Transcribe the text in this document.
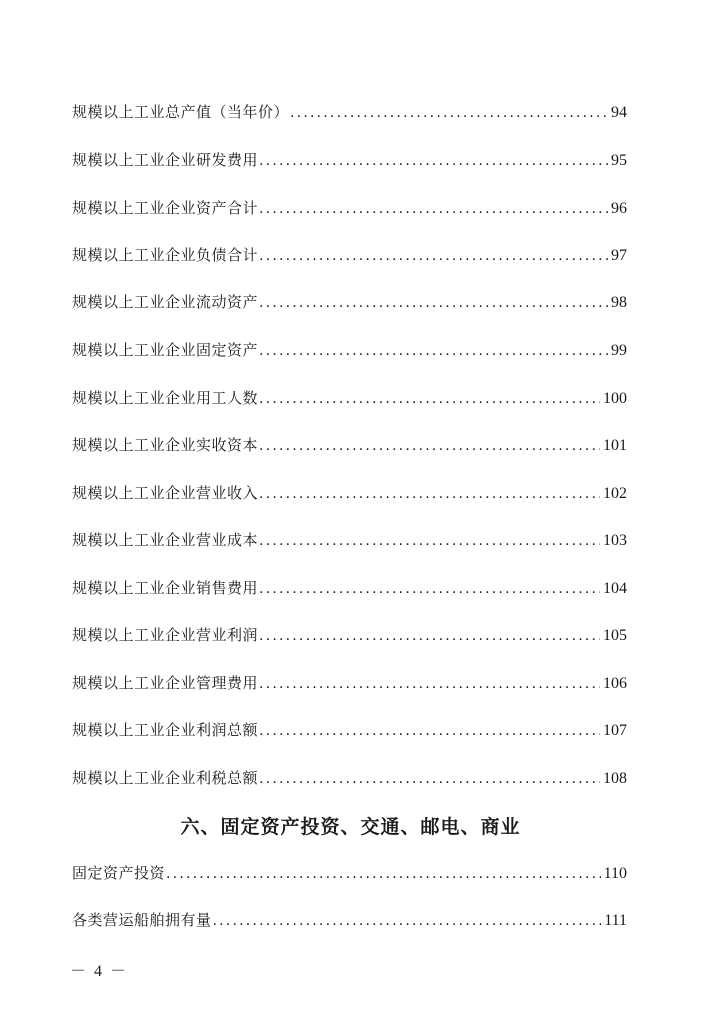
规模以上工业总产值（当年价） .....	94
规模以上工业企业研发费用 .....	95
规模以上工业企业资产合计 .....	96
规模以上工业企业负债合计 .....	97
规模以上工业企业流动资产 .....	98
规模以上工业企业固定资产 .....	99
规模以上工业企业用工人数 .....	100
规模以上工业企业实收资本 .....	101
规模以上工业企业营业收入 .....	102
规模以上工业企业营业成本 .....	103
规模以上工业企业销售费用 .....	104
规模以上工业企业营业利润 .....	105
规模以上工业企业管理费用 .....	106
规模以上工业企业利润总额 .....	107
规模以上工业企业利税总额 .....	108
六、固定资产投资、交通、邮电、商业
固定资产投资 .....	110
各类营运船舶拥有量 .....	111
－ 4 －
